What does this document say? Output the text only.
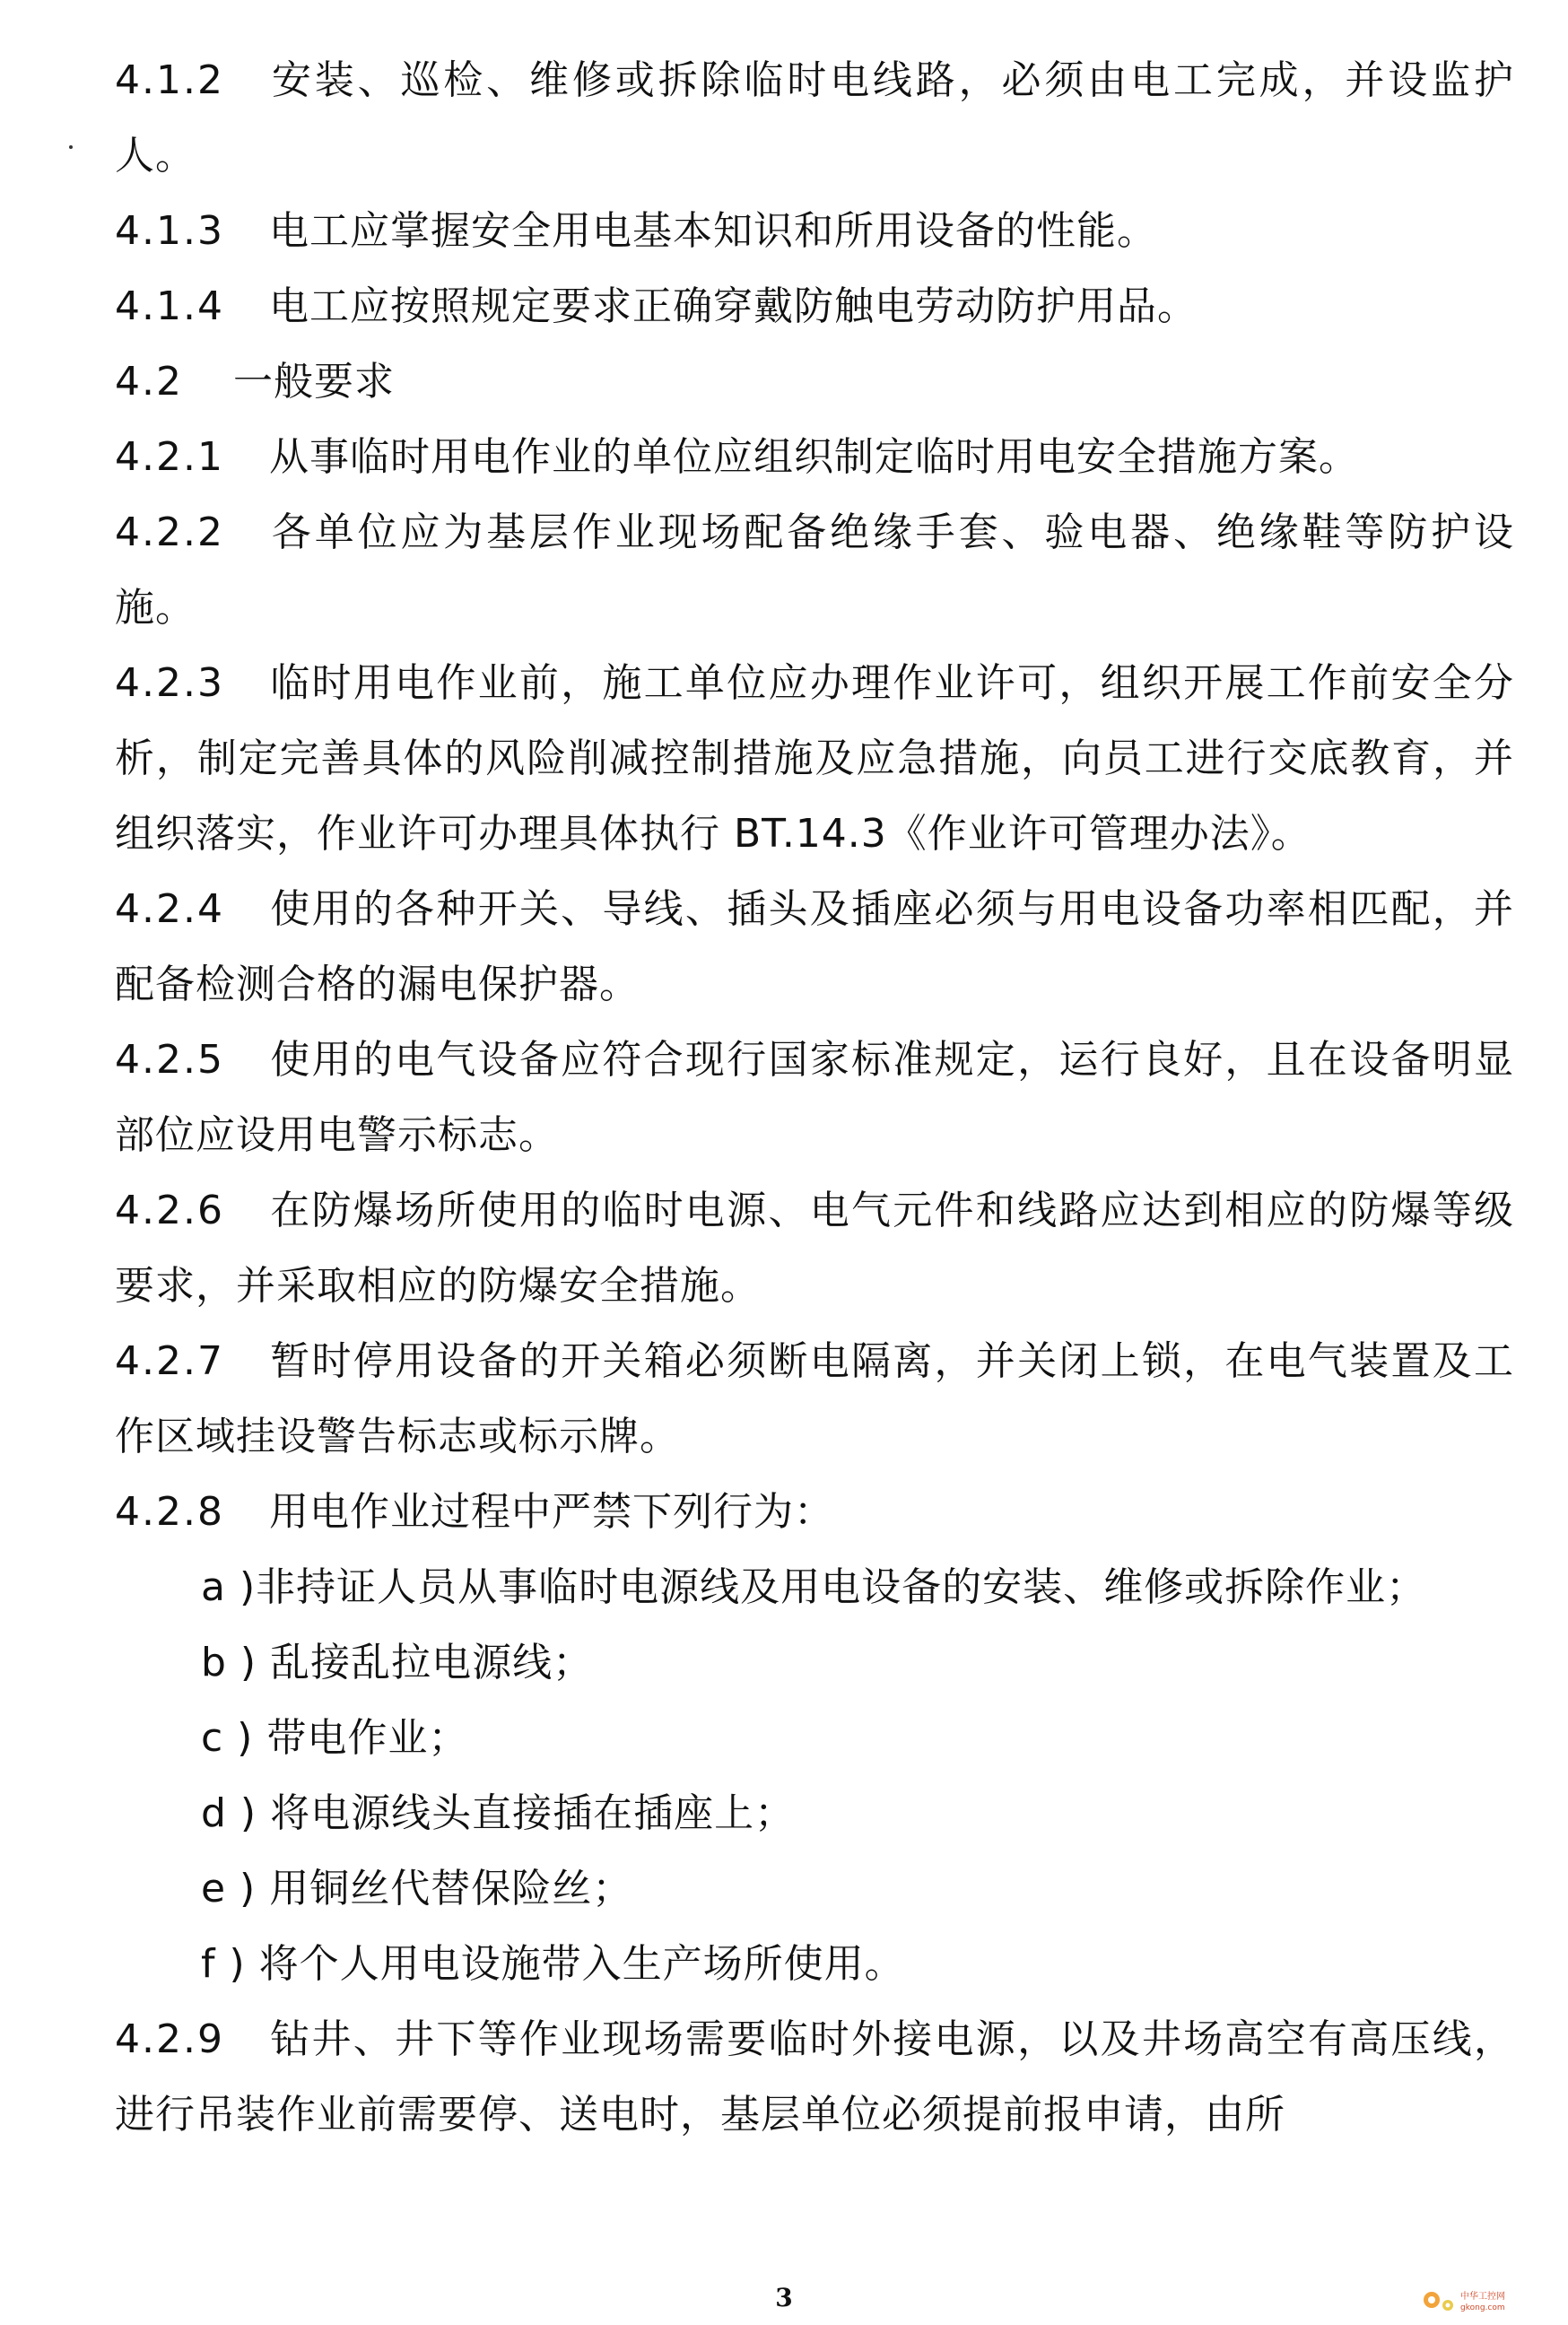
4.1.2 安装、巡检、维修或拆除临时电线路，必须由电工完成，并设监护人。

4.1.3 电工应掌握安全用电基本知识和所用设备的性能。

4.1.4 电工应按照规定要求正确穿戴防触电劳动防护用品。

4.2 一般要求

4.2.1 从事临时用电作业的单位应组织制定临时用电安全措施方案。

4.2.2 各单位应为基层作业现场配备绝缘手套、验电器、绝缘鞋等防护设施。

4.2.3 临时用电作业前，施工单位应办理作业许可，组织开展工作前安全分析，制定完善具体的风险削减控制措施及应急措施，向员工进行交底教育，并组织落实，作业许可办理具体执行 BT.14.3《作业许可管理办法》。

4.2.4 使用的各种开关、导线、插头及插座必须与用电设备功率相匹配，并配备检测合格的漏电保护器。

4.2.5 使用的电气设备应符合现行国家标准规定，运行良好，且在设备明显部位应设用电警示标志。

4.2.6 在防爆场所使用的临时电源、电气元件和线路应达到相应的防爆等级要求，并采取相应的防爆安全措施。

4.2.7 暂时停用设备的开关箱必须断电隔离，并关闭上锁，在电气装置及工作区域挂设警告标志或标示牌。

4.2.8 用电作业过程中严禁下列行为：

a )非持证人员从事临时电源线及用电设备的安装、维修或拆除作业；

b ) 乱接乱拉电源线；

c ) 带电作业；

d ) 将电源线头直接插在插座上；

e ) 用铜丝代替保险丝；

f ) 将个人用电设施带入生产场所使用。

4.2.9 钻井、井下等作业现场需要临时外接电源，以及井场高空有高压线，进行吊装作业前需要停、送电时，基层单位必须提前报申请，由所

3	中华工控网
gkong.com
